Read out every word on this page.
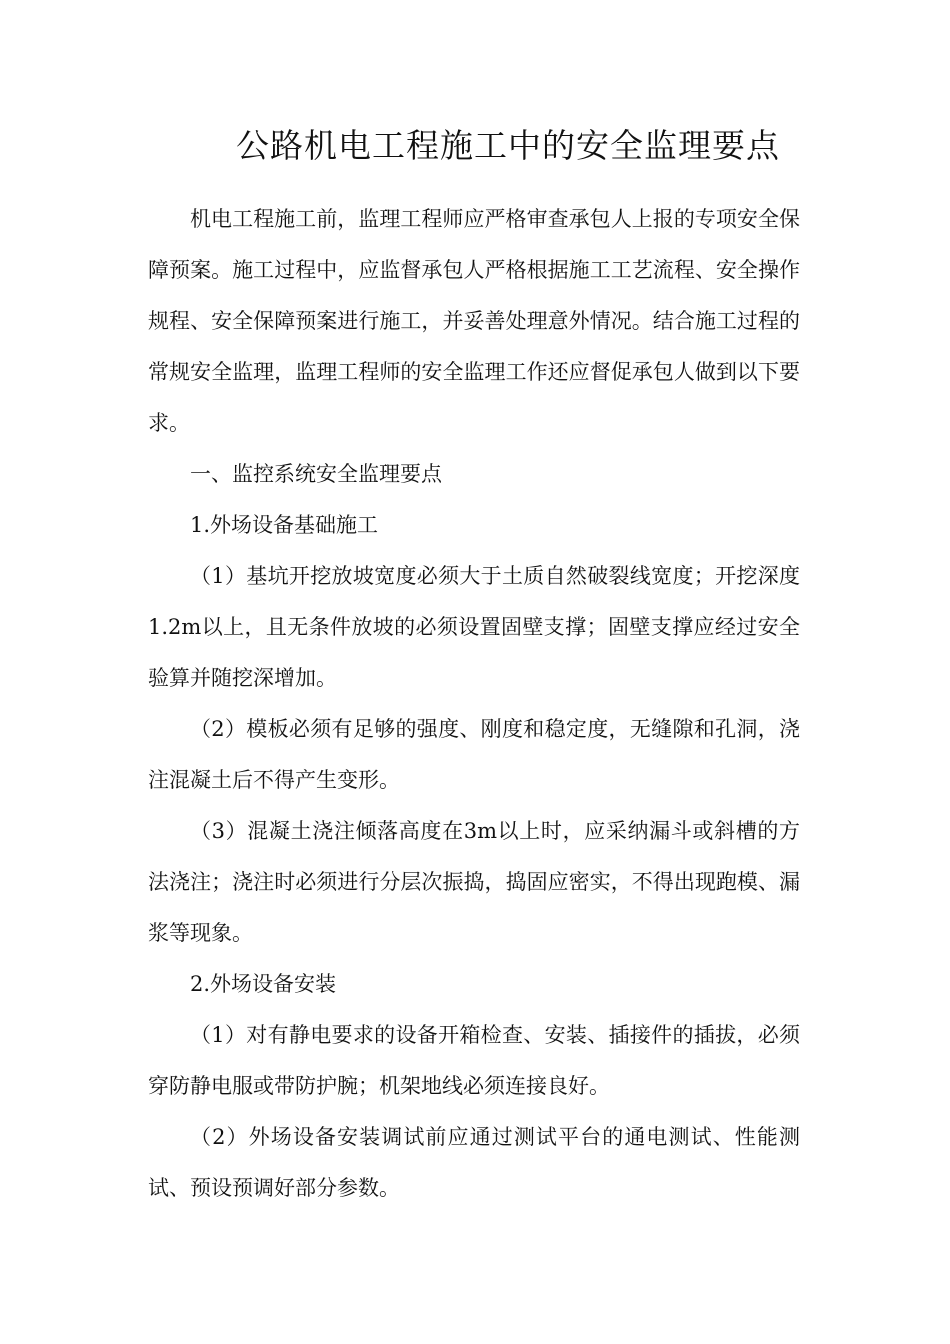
公路机电工程施工中的安全监理要点

机电工程施工前，监理工程师应严格审查承包人上报的专项安全保障预案。施工过程中，应监督承包人严格根据施工工艺流程、安全操作规程、安全保障预案进行施工，并妥善处理意外情况。结合施工过程的常规安全监理，监理工程师的安全监理工作还应督促承包人做到以下要求。

一、监控系统安全监理要点

1.外场设备基础施工

（1）基坑开挖放坡宽度必须大于土质自然破裂线宽度；开挖深度1.2m以上，且无条件放坡的必须设置固壁支撑；固壁支撑应经过安全验算并随挖深增加。

（2）模板必须有足够的强度、刚度和稳定度，无缝隙和孔洞，浇注混凝土后不得产生变形。

（3）混凝土浇注倾落高度在3m以上时，应采纳漏斗或斜槽的方法浇注；浇注时必须进行分层次振捣，捣固应密实，不得出现跑模、漏浆等现象。

2.外场设备安装

（1）对有静电要求的设备开箱检查、安装、插接件的插拔，必须穿防静电服或带防护腕；机架地线必须连接良好。

（2）外场设备安装调试前应通过测试平台的通电测试、性能测试、预设预调好部分参数。
